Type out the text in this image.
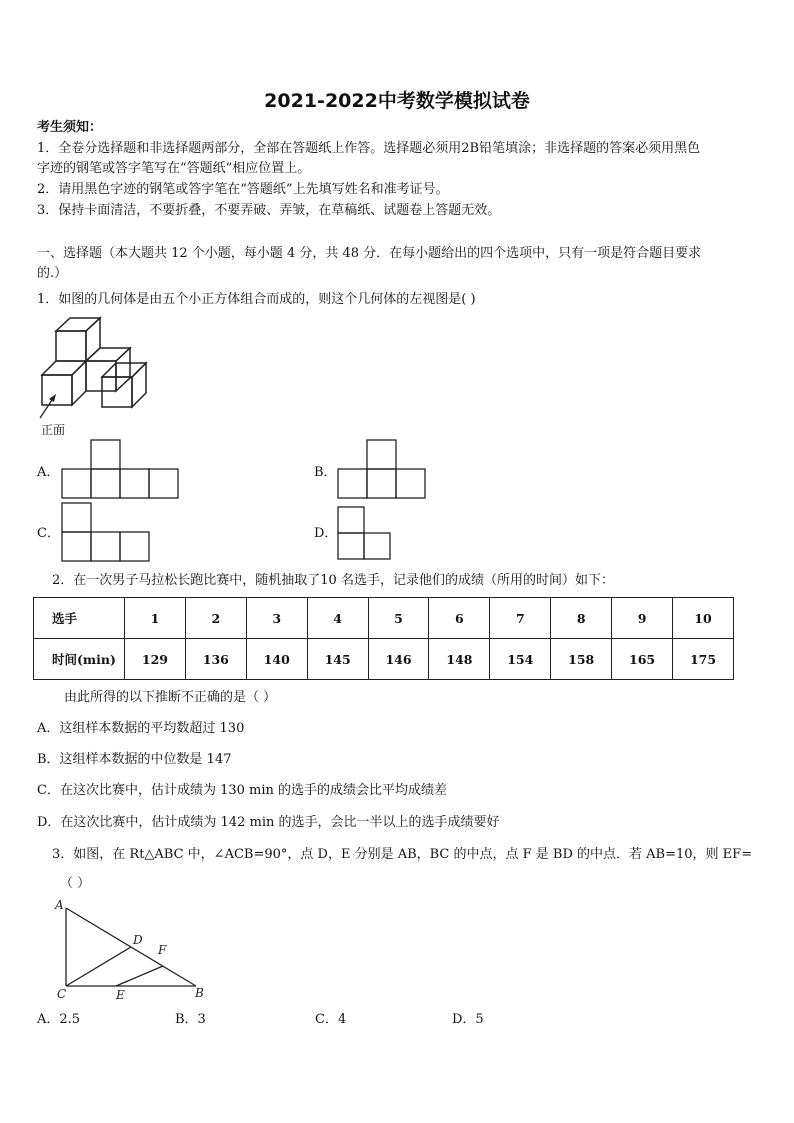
2021-2022中考数学模拟试卷
考生须知：
1．全卷分选择题和非选择题两部分，全部在答题纸上作答。选择题必须用2B铅笔填涂；非选择题的答案必须用黑色
字迹的钢笔或答字笔写在“答题纸”相应位置上。
2．请用黑色字迹的钢笔或答字笔在“答题纸”上先填写姓名和准考证号。
3．保持卡面清洁，不要折叠，不要弄破、弄皱，在草稿纸、试题卷上答题无效。
一、选择题（本大题共 12 个小题，每小题 4 分，共 48 分．在每小题给出的四个选项中，只有一项是符合题目要求
的.）
1．如图的几何体是由五个小正方体组合而成的，则这个几何体的左视图是( )
正面
A．	B．
C．	D．
2．在一次男子马拉松长跑比赛中，随机抽取了10 名选手，记录他们的成绩（所用的时间）如下：
选手	1	2	3	4	5	6	7	8	9	10
时间(min)	129	136	140	145	146	148	154	158	165	175
由此所得的以下推断不正确的是（ ）
A．这组样本数据的平均数超过 130
B．这组样本数据的中位数是 147
C．在这次比赛中，估计成绩为 130 min 的选手的成绩会比平均成绩差
D．在这次比赛中，估计成绩为 142 min 的选手，会比一半以上的选手成绩要好
3．如图，在 Rt△ABC 中，∠ACB=90°，点 D，E 分别是 AB，BC 的中点，点 F 是 BD 的中点．若 AB=10，则 EF=
（ ）
A
D
F
C	E	B
A．2.5	B．3	C．4	D．5
